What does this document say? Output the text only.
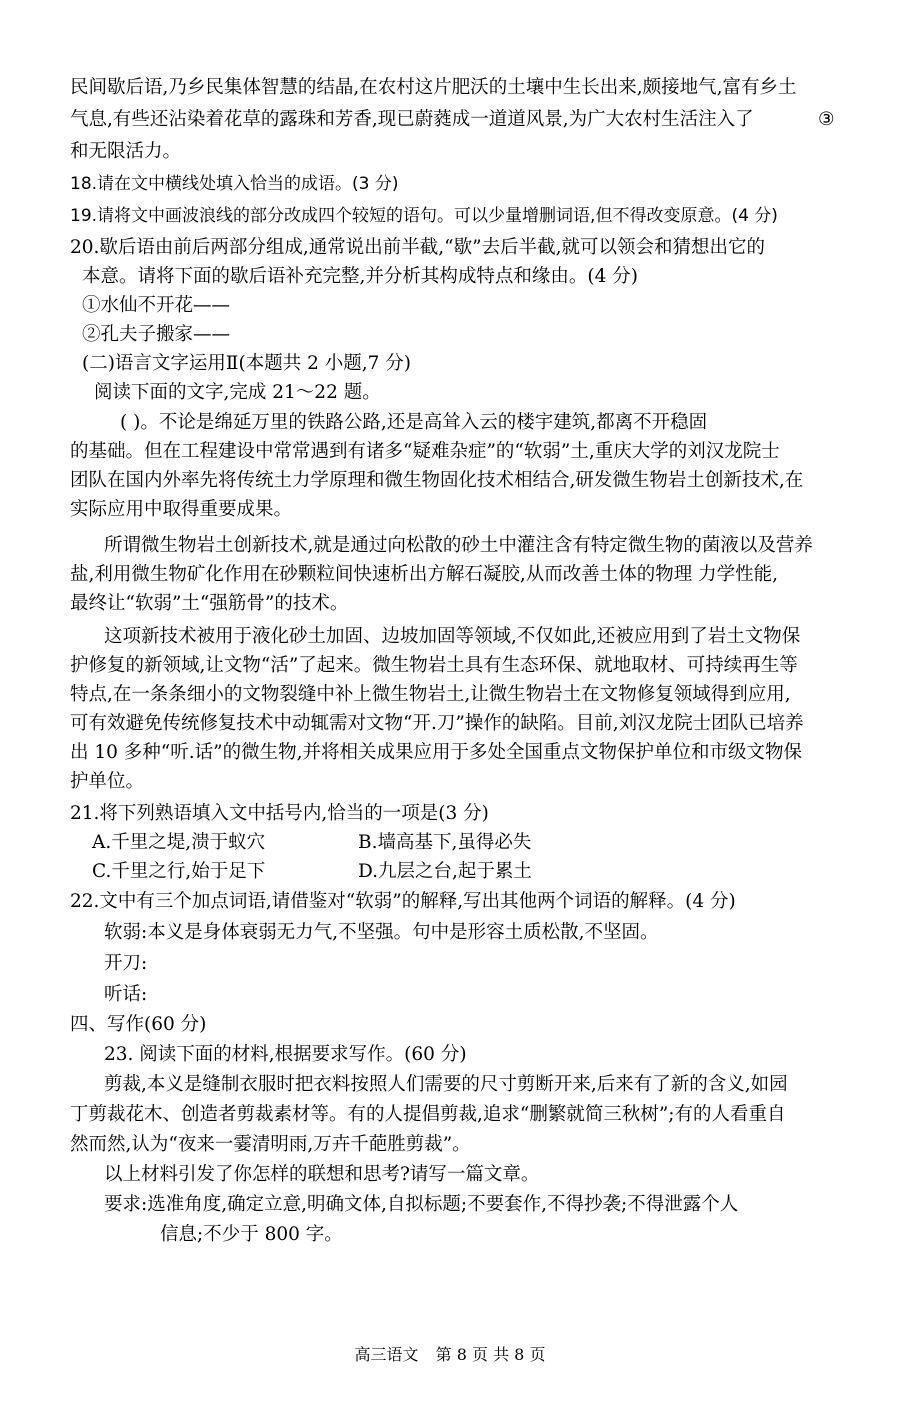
民间歇后语,乃乡民集体智慧的结晶,在农村这片肥沃的土壤中生长出来,颇接地气,富有乡土
气息,有些还沾染着花草的露珠和芳香,现已蔚蕤成一道道风景,为广大农村生活注入了	③
和无限活力。
18.请在文中横线处填入恰当的成语。(3 分)
19.请将文中画波浪线的部分改成四个较短的语句。可以少量增删词语,但不得改变原意。(4 分)
20.歇后语由前后两部分组成,通常说出前半截,“歇”去后半截,就可以领会和猜想出它的
本意。请将下面的歇后语补充完整,并分析其构成特点和缘由。(4 分)
①水仙不开花——
②孔夫子搬家——
(二)语言文字运用Ⅱ(本题共 2 小题,7 分)
阅读下面的文字,完成 21～22 题。
( )。不论是绵延万里的铁路公路,还是高耸入云的楼宇建筑,都离不开稳固
的基础。但在工程建设中常常遇到有诸多“疑难杂症”的“软弱”土,重庆大学的刘汉龙院士
团队在国内外率先将传统土力学原理和微生物固化技术相结合,研发微生物岩土创新技术,在
实际应用中取得重要成果。
所谓微生物岩土创新技术,就是通过向松散的砂土中灌注含有特定微生物的菌液以及营养
盐,利用微生物矿化作用在砂颗粒间快速析出方解石凝胶,从而改善土体的物理 力学性能,
最终让“软弱”土“强筋骨”的技术。
这项新技术被用于液化砂土加固、边坡加固等领域,不仅如此,还被应用到了岩土文物保
护修复的新领域,让文物“活”了起来。微生物岩土具有生态环保、就地取材、可持续再生等
特点,在一条条细小的文物裂缝中补上微生物岩土,让微生物岩土在文物修复领域得到应用,
可有效避免传统修复技术中动辄需对文物“开.刀”操作的缺陷。目前,刘汉龙院士团队已培养
出 10 多种“听.话”的微生物,并将相关成果应用于多处全国重点文物保护单位和市级文物保
护单位。
21.将下列熟语填入文中括号内,恰当的一项是(3 分)
A.千里之堤,溃于蚁穴	B.墙高基下,虽得必失
C.千里之行,始于足下	D.九层之台,起于累土
22.文中有三个加点词语,请借鉴对“软弱”的解释,写出其他两个词语的解释。(4 分)
软弱:本义是身体衰弱无力气,不坚强。句中是形容土质松散,不坚固。
开刀:
听话:
四、写作(60 分)
23. 阅读下面的材料,根据要求写作。(60 分)
剪裁,本义是缝制衣服时把衣料按照人们需要的尺寸剪断开来,后来有了新的含义,如园
丁剪裁花木、创造者剪裁素材等。有的人提倡剪裁,追求“删繁就简三秋树”;有的人看重自
然而然,认为“夜来一霎清明雨,万卉千葩胜剪裁”。
以上材料引发了你怎样的联想和思考?请写一篇文章。
要求:选准角度,确定立意,明确文体,自拟标题;不要套作,不得抄袭;不得泄露个人
信息;不少于 800 字。
高三语文 第 8 页 共 8 页
